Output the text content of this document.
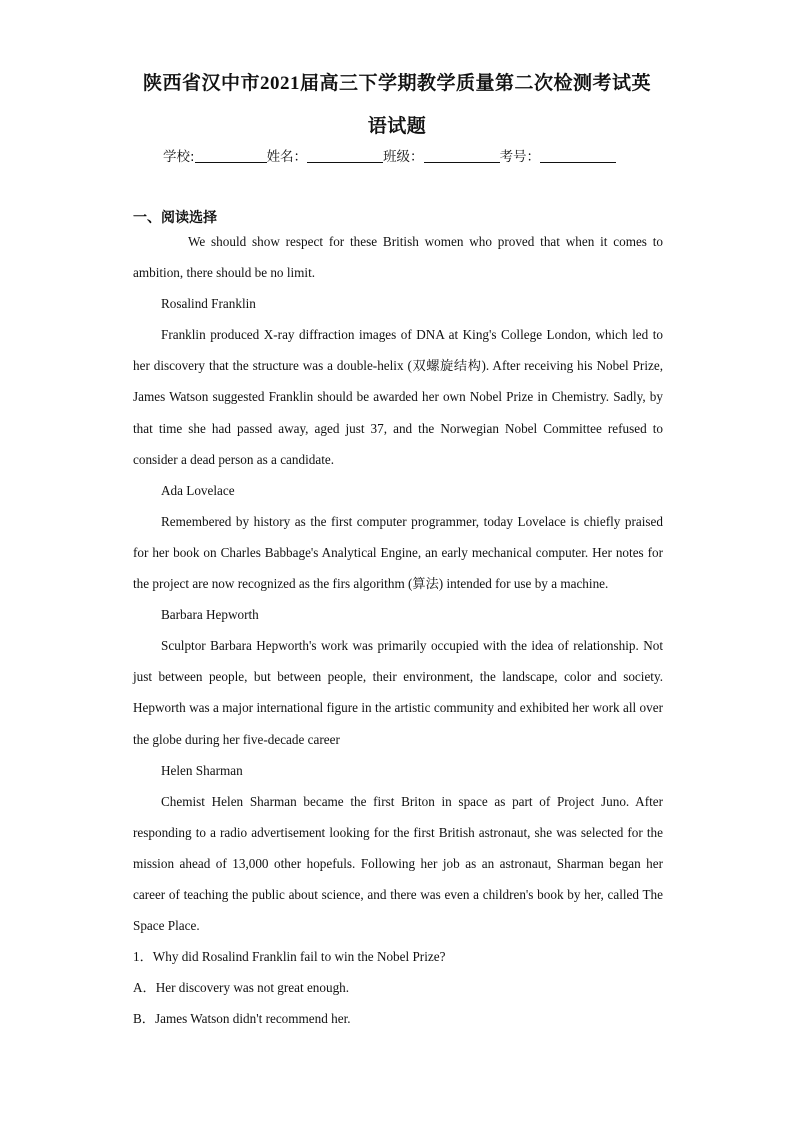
陕西省汉中市2021届高三下学期教学质量第二次检测考试英
语试题
学校:	姓名：	班级：	考号：
一、阅读选择

We should show respect for these British women who proved that when it comes to ambition, there should be no limit.

Rosalind Franklin

Franklin produced X-ray diffraction images of DNA at King's College London, which led to her discovery that the structure was a double-helix (双螺旋结构). After receiving his Nobel Prize, James Watson suggested Franklin should be awarded her own Nobel Prize in Chemistry. Sadly, by that time she had passed away, aged just 37, and the Norwegian Nobel Committee refused to consider a dead person as a candidate.

Ada Lovelace

Remembered by history as the first computer programmer, today Lovelace is chiefly praised for her book on Charles Babbage's Analytical Engine, an early mechanical computer. Her notes for the project are now recognized as the firs algorithm (算法) intended for use by a machine.

Barbara Hepworth

Sculptor Barbara Hepworth's work was primarily occupied with the idea of relationship. Not just between people, but between people, their environment, the landscape, color and society. Hepworth was a major international figure in the artistic community and exhibited her work all over the globe during her five-decade career

Helen Sharman

Chemist Helen Sharman became the first Briton in space as part of Project Juno. After responding to a radio advertisement looking for the first British astronaut, she was selected for the mission ahead of 13,000 other hopefuls. Following her job as an astronaut, Sharman began her career of teaching the public about science, and there was even a children's book by her, called The Space Place.

1．Why did Rosalind Franklin fail to win the Nobel Prize?

A．Her discovery was not great enough.

B．James Watson didn't recommend her.
